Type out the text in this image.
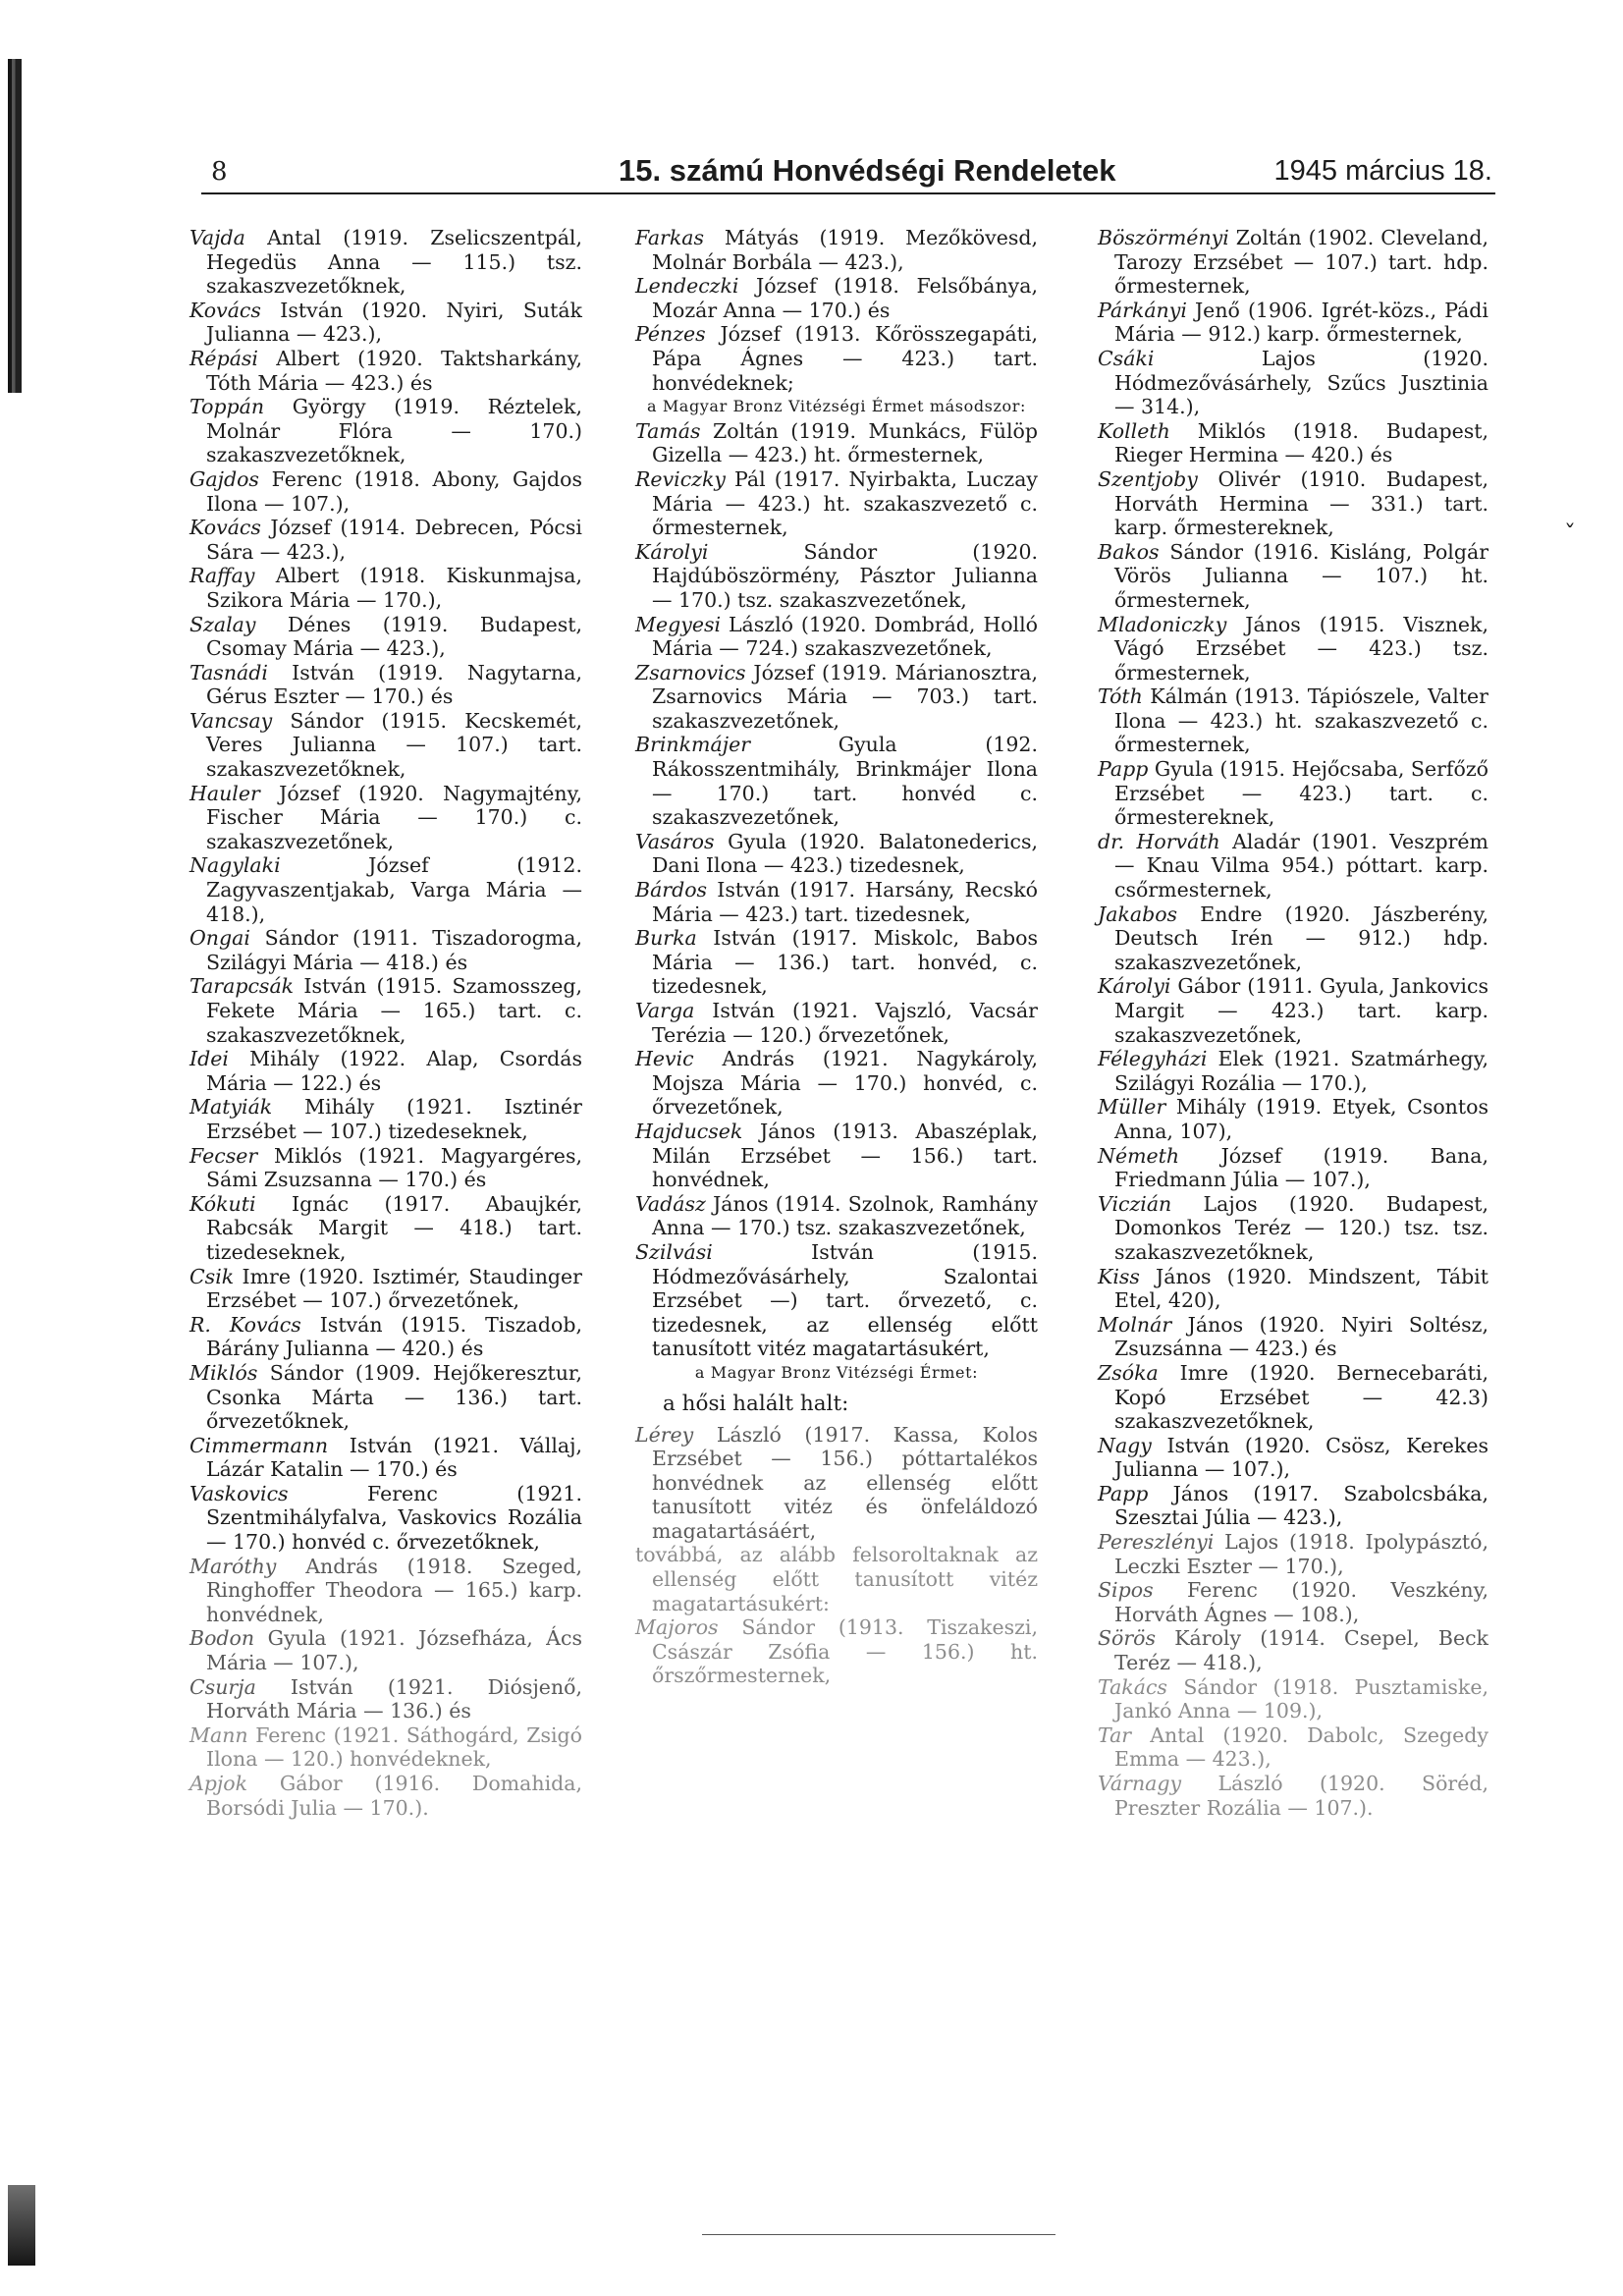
8	15. számú Honvédségi Rendeletek	1945 március 18.

Vajda Antal (1919. Zselicszentpál, Hegedüs Anna — 115.) tsz. szakaszvezetőknek,

Kovács István (1920. Nyiri, Suták Julianna — 423.),

Répási Albert (1920. Taktsharkány, Tóth Mária — 423.) és

Toppán György (1919. Réztelek, Molnár Flóra — 170.) szakaszvezetőknek,

Gajdos Ferenc (1918. Abony, Gajdos Ilona — 107.),

Kovács József (1914. Debrecen, Pócsi Sára — 423.),

Raffay Albert (1918. Kiskunmajsa, Szikora Mária — 170.),

Szalay Dénes (1919. Budapest, Csomay Mária — 423.),

Tasnádi István (1919. Nagytarna, Gérus Eszter — 170.) és

Vancsay Sándor (1915. Kecskemét, Veres Julianna — 107.) tart. szakaszvezetőknek,

Hauler József (1920. Nagymajtény, Fischer Mária — 170.) c. szakaszvezetőnek,

Nagylaki	József (1912. Zagyvaszentjakab, Varga Mária — 418.),

Ongai Sándor (1911. Tiszadorogma, Szilágyi Mária — 418.) és

Tarapcsák István (1915. Szamosszeg, Fekete Mária — 165.) tart. c. szakaszvezetőknek,

Idei Mihály (1922. Alap, Csordás Mária — 122.) és

Matyiák Mihály (1921. Isztinér Erzsébet — 107.) tizedeseknek,

Fecser Miklós (1921. Magyargéres, Sámi Zsuzsanna — 170.) és

Kókuti Ignác (1917. Abaujkér, Rabcsák Margit — 418.) tart. tizedeseknek,

Csik Imre (1920. Isztimér, Staudinger Erzsébet — 107.) őrvezetőnek,

R. Kovács István (1915. Tiszadob, Bárány Julianna — 420.) és

Miklós Sándor (1909. Hejőkeresztur, Csonka Márta — 136.) tart. őrvezetőknek,

Cimmermann István (1921. Vállaj, Lázár Katalin — 170.) és

Vaskovics	Ferenc (1921. Szentmihályfalva, Vaskovics Rozália — 170.) honvéd c. őrvezetőknek,

Maróthy András (1918. Szeged, Ringhoffer Theodora — 165.) karp. honvédnek,

Bodon Gyula (1921. Józsefháza, Ács Mária — 107.),

Csurja István (1921. Diósjenő, Horváth Mária — 136.) és

Mann Ferenc (1921. Sáthogárd, Zsigó Ilona — 120.) honvédeknek,

Apjok Gábor (1916. Domahida, Borsódi Julia — 170.).

Farkas Mátyás (1919. Mezőkövesd, Molnár Borbála — 423.),

Lendeczki József (1918. Felsőbánya, Mozár Anna — 170.) és

Pénzes József (1913. Kőrösszegapáti, Pápa Ágnes — 423.) tart. honvédeknek;

a Magyar Bronz Vitézségi Érmet másodszor:

Tamás Zoltán (1919. Munkács, Fülöp Gizella — 423.) ht. őrmesternek,

Reviczky Pál (1917. Nyirbakta, Luczay Mária — 423.) ht. szakaszvezető c. őrmesternek,

Károlyi	Sándor (1920. Hajdúböszörmény, Pásztor Julianna — 170.) tsz. szakaszvezetőnek,

Megyesi László (1920. Dombrád, Holló Mária — 724.) szakaszvezetőnek,

Zsarnovics József (1919. Márianosztra, Zsarnovics Mária — 703.) tart. szakaszvezetőnek,

Brinkmájer	Gyula (192. Rákosszentmihály, Brinkmájer Ilona — 170.) tart. honvéd c. szakaszvezetőnek,

Vasáros Gyula (1920. Balatonederics, Dani Ilona — 423.) tizedesnek,

Bárdos István (1917. Harsány, Recskó Mária — 423.) tart. tizedesnek,

Burka István (1917. Miskolc, Babos Mária — 136.) tart. honvéd, c. tizedesnek,

Varga István (1921. Vajszló, Vacsár Terézia — 120.) őrvezetőnek,

Hevic András (1921. Nagykároly, Mojsza Mária — 170.) honvéd, c. őrvezetőnek,

Hajducsek János (1913. Abaszéplak, Milán Erzsébet — 156.) tart. honvédnek,

Vadász János (1914. Szolnok, Ramhány Anna — 170.) tsz. szakaszvezetőnek,

Szilvási	István (1915. Hódmezővásárhely, Szalontai Erzsébet —) tart. őrvezető, c. tizedesnek, az ellenség előtt tanusított vitéz magatartásukért,

a Magyar Bronz Vitézségi Érmet:

a hősi halált halt:

Lérey László (1917. Kassa, Kolos Erzsébet — 156.) póttartalékos honvédnek az ellenség előtt tanusított vitéz és önfeláldozó magatartásáért,

továbbá, az alább felsoroltaknak az ellenség előtt tanusított vitéz magatartásukért:

Majoros Sándor (1913. Tiszakeszi, Császár Zsófia — 156.) ht. őrszőrmesternek,

Böszörményi Zoltán (1902. Cleveland, Tarozy Erzsébet — 107.) tart. hdp. őrmesternek,

Párkányi Jenő (1906. Igrét-közs., Pádi Mária — 912.) karp. őrmesternek,

Csáki	Lajos (1920. Hódmezővásárhely, Szűcs Jusztinia — 314.),

Kolleth Miklós (1918. Budapest, Rieger Hermina — 420.) és

Szentjoby Olivér (1910. Budapest, Horváth Hermina — 331.) tart. karp. őrmestereknek,

Bakos Sándor (1916. Kisláng, Polgár Vörös Julianna — 107.) ht. őrmesternek,

Mladoniczky János (1915. Visznek, Vágó Erzsébet — 423.) tsz. őrmesternek,

Tóth Kálmán (1913. Tápiószele, Valter Ilona — 423.) ht. szakaszvezető c. őrmesternek,

Papp Gyula (1915. Hejőcsaba, Serfőző Erzsébet — 423.) tart. c. őrmestereknek,

dr. Horváth Aladár (1901. Veszprém — Knau Vilma 954.) póttart. karp. csőrmesternek,

Jakabos Endre (1920. Jászberény, Deutsch Irén — 912.) hdp. szakaszvezetőnek,

Károlyi Gábor (1911. Gyula, Jankovics Margit — 423.) tart. karp. szakaszvezetőnek,

Félegyházi Elek (1921. Szatmárhegy, Szilágyi Rozália — 170.),

Müller Mihály (1919. Etyek, Csontos Anna, 107),

Németh József (1919. Bana, Friedmann Júlia — 107.),

Viczián Lajos (1920. Budapest, Domonkos Teréz — 120.) tsz. tsz. szakaszvezetőknek,

Kiss János (1920. Mindszent, Tábit Etel, 420),

Molnár János (1920. Nyiri Soltész, Zsuzsánna — 423.) és

Zsóka Imre (1920. Bernecebaráti, Kopó Erzsébet — 42.3) szakaszvezetőknek,

Nagy István (1920. Csösz, Kerekes Julianna — 107.),

Papp János (1917. Szabolcsbáka, Szesztai Júlia — 423.),

Pereszlényi Lajos (1918. Ipolypásztó, Leczki Eszter — 170.),

Sipos Ferenc (1920. Veszkény, Horváth Ágnes — 108.),

Sörös Károly (1914. Csepel, Beck Teréz — 418.),

Takács Sándor (1918. Pusztamiske, Jankó Anna — 109.),

Tar Antal (1920. Dabolc, Szegedy Emma — 423.),

Várnagy László (1920. Söréd, Preszter Rozália — 107.).

ˇ
